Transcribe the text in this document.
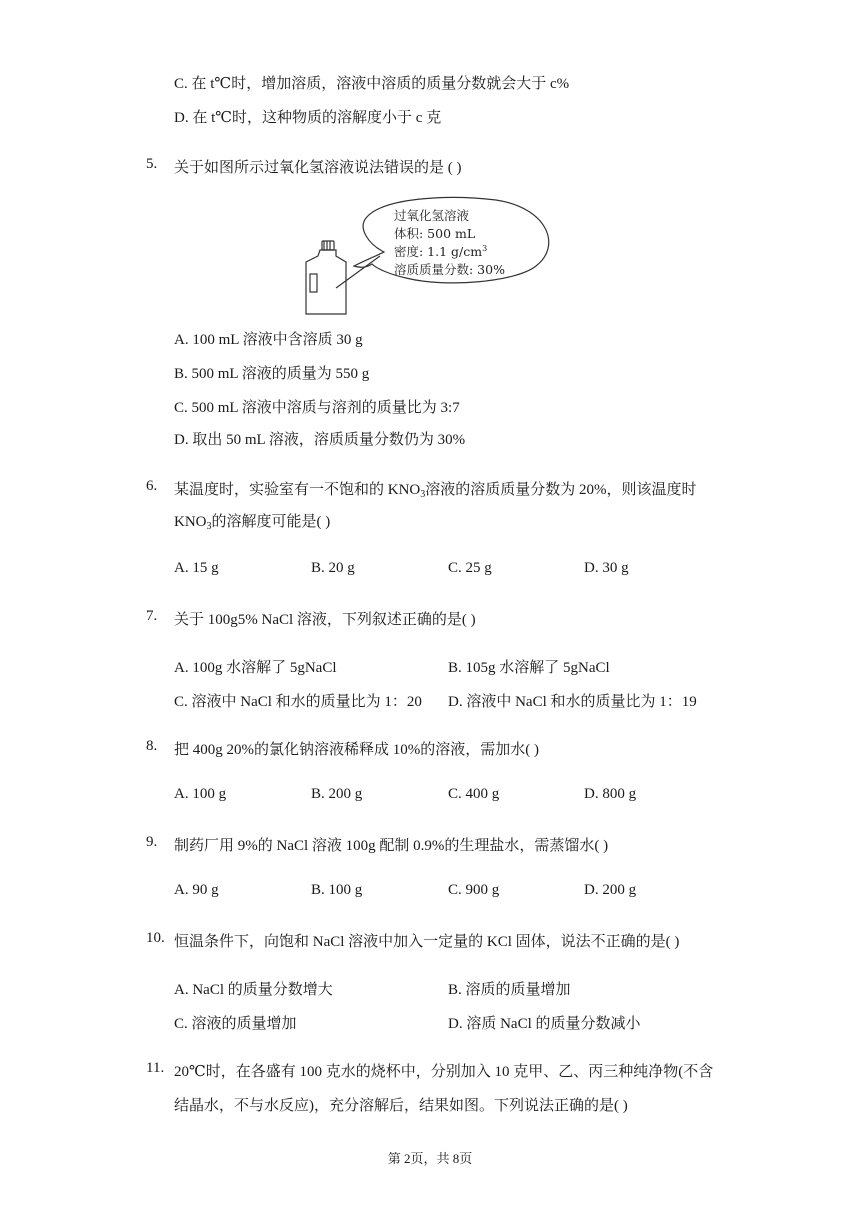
C. 在 t℃时，增加溶质，溶液中溶质的质量分数就会大于 c%
D. 在 t℃时，这种物质的溶解度小于 c 克
5. 关于如图所示过氧化氢溶液说法错误的是 ( )
过氧化氢溶液
体积: 500 mL
密度: 1.1 $g/cm^3$
溶质质量分数: 30%
A. 100 mL 溶液中含溶质 30 g
B. 500 mL 溶液的质量为 550 g
C. 500 mL 溶液中溶质与溶剂的质量比为 3:7
D. 取出 50 mL 溶液，溶质质量分数仍为 30%
6. 某温度时，实验室有一不饱和的 $KNO_3$溶液的溶质质量分数为 20%，则该温度时
$KNO_3$的溶解度可能是( )
A. 15 g	B. 20 g	C. 25 g	D. 30 g
7. 关于 100g5% NaCl 溶液，下列叙述正确的是( )
A. 100g 水溶解了 5gNaCl	B. 105g 水溶解了 5gNaCl
C. 溶液中 NaCl 和水的质量比为 1：20 D. 溶液中 NaCl 和水的质量比为 1：19
8. 把 400g 20%的氯化钠溶液稀释成 10%的溶液，需加水( )
A. 100 g	B. 200 g	C. 400 g	D. 800 g
9. 制药厂用 9%的 NaCl 溶液 100g 配制 0.9%的生理盐水，需蒸馏水( )
A. 90 g	B. 100 g	C. 900 g	D. 200 g
10. 恒温条件下，向饱和 NaCl 溶液中加入一定量的 KCl 固体，说法不正确的是( )
A. NaCl 的质量分数增大	B. 溶质的质量增加
C. 溶液的质量增加	D. 溶质 NaCl 的质量分数减小
11. 20℃时，在各盛有 100 克水的烧杯中，分别加入 10 克甲、乙、丙三种纯净物(不含
结晶水，不与水反应)，充分溶解后，结果如图。下列说法正确的是( )
第 2页，共 8页
